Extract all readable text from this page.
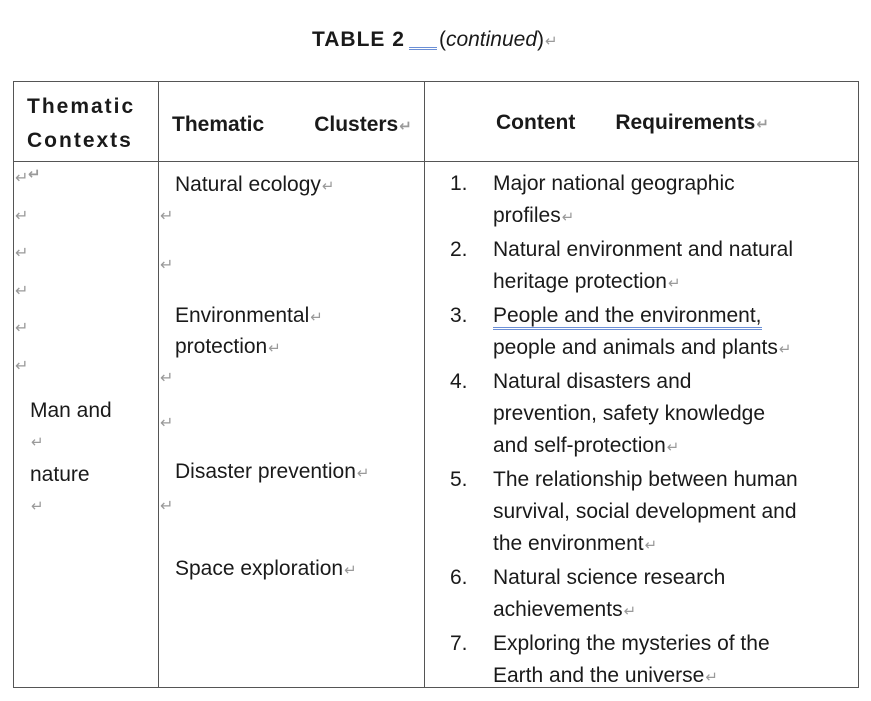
TABLE 2 (continued)↵
Thematic
Contexts
↵
Thematic Clusters↵	Content Requirements↵
↵
↵
↵
↵
↵
↵
Man and
↵
nature
↵
Natural ecology↵
Environmental↵
protection↵
Disaster prevention↵
Space exploration↵
↵
↵
↵
↵
↵
1. Major national geographic
profiles↵
2. Natural environment and natural
heritage protection↵
3. People and the environment,
people and animals and plants↵
4. Natural disasters and
prevention, safety knowledge
and self-protection↵
5. The relationship between human
survival, social development and
the environment↵
6. Natural science research
achievements↵
7. Exploring the mysteries of the
Earth and the universe↵
